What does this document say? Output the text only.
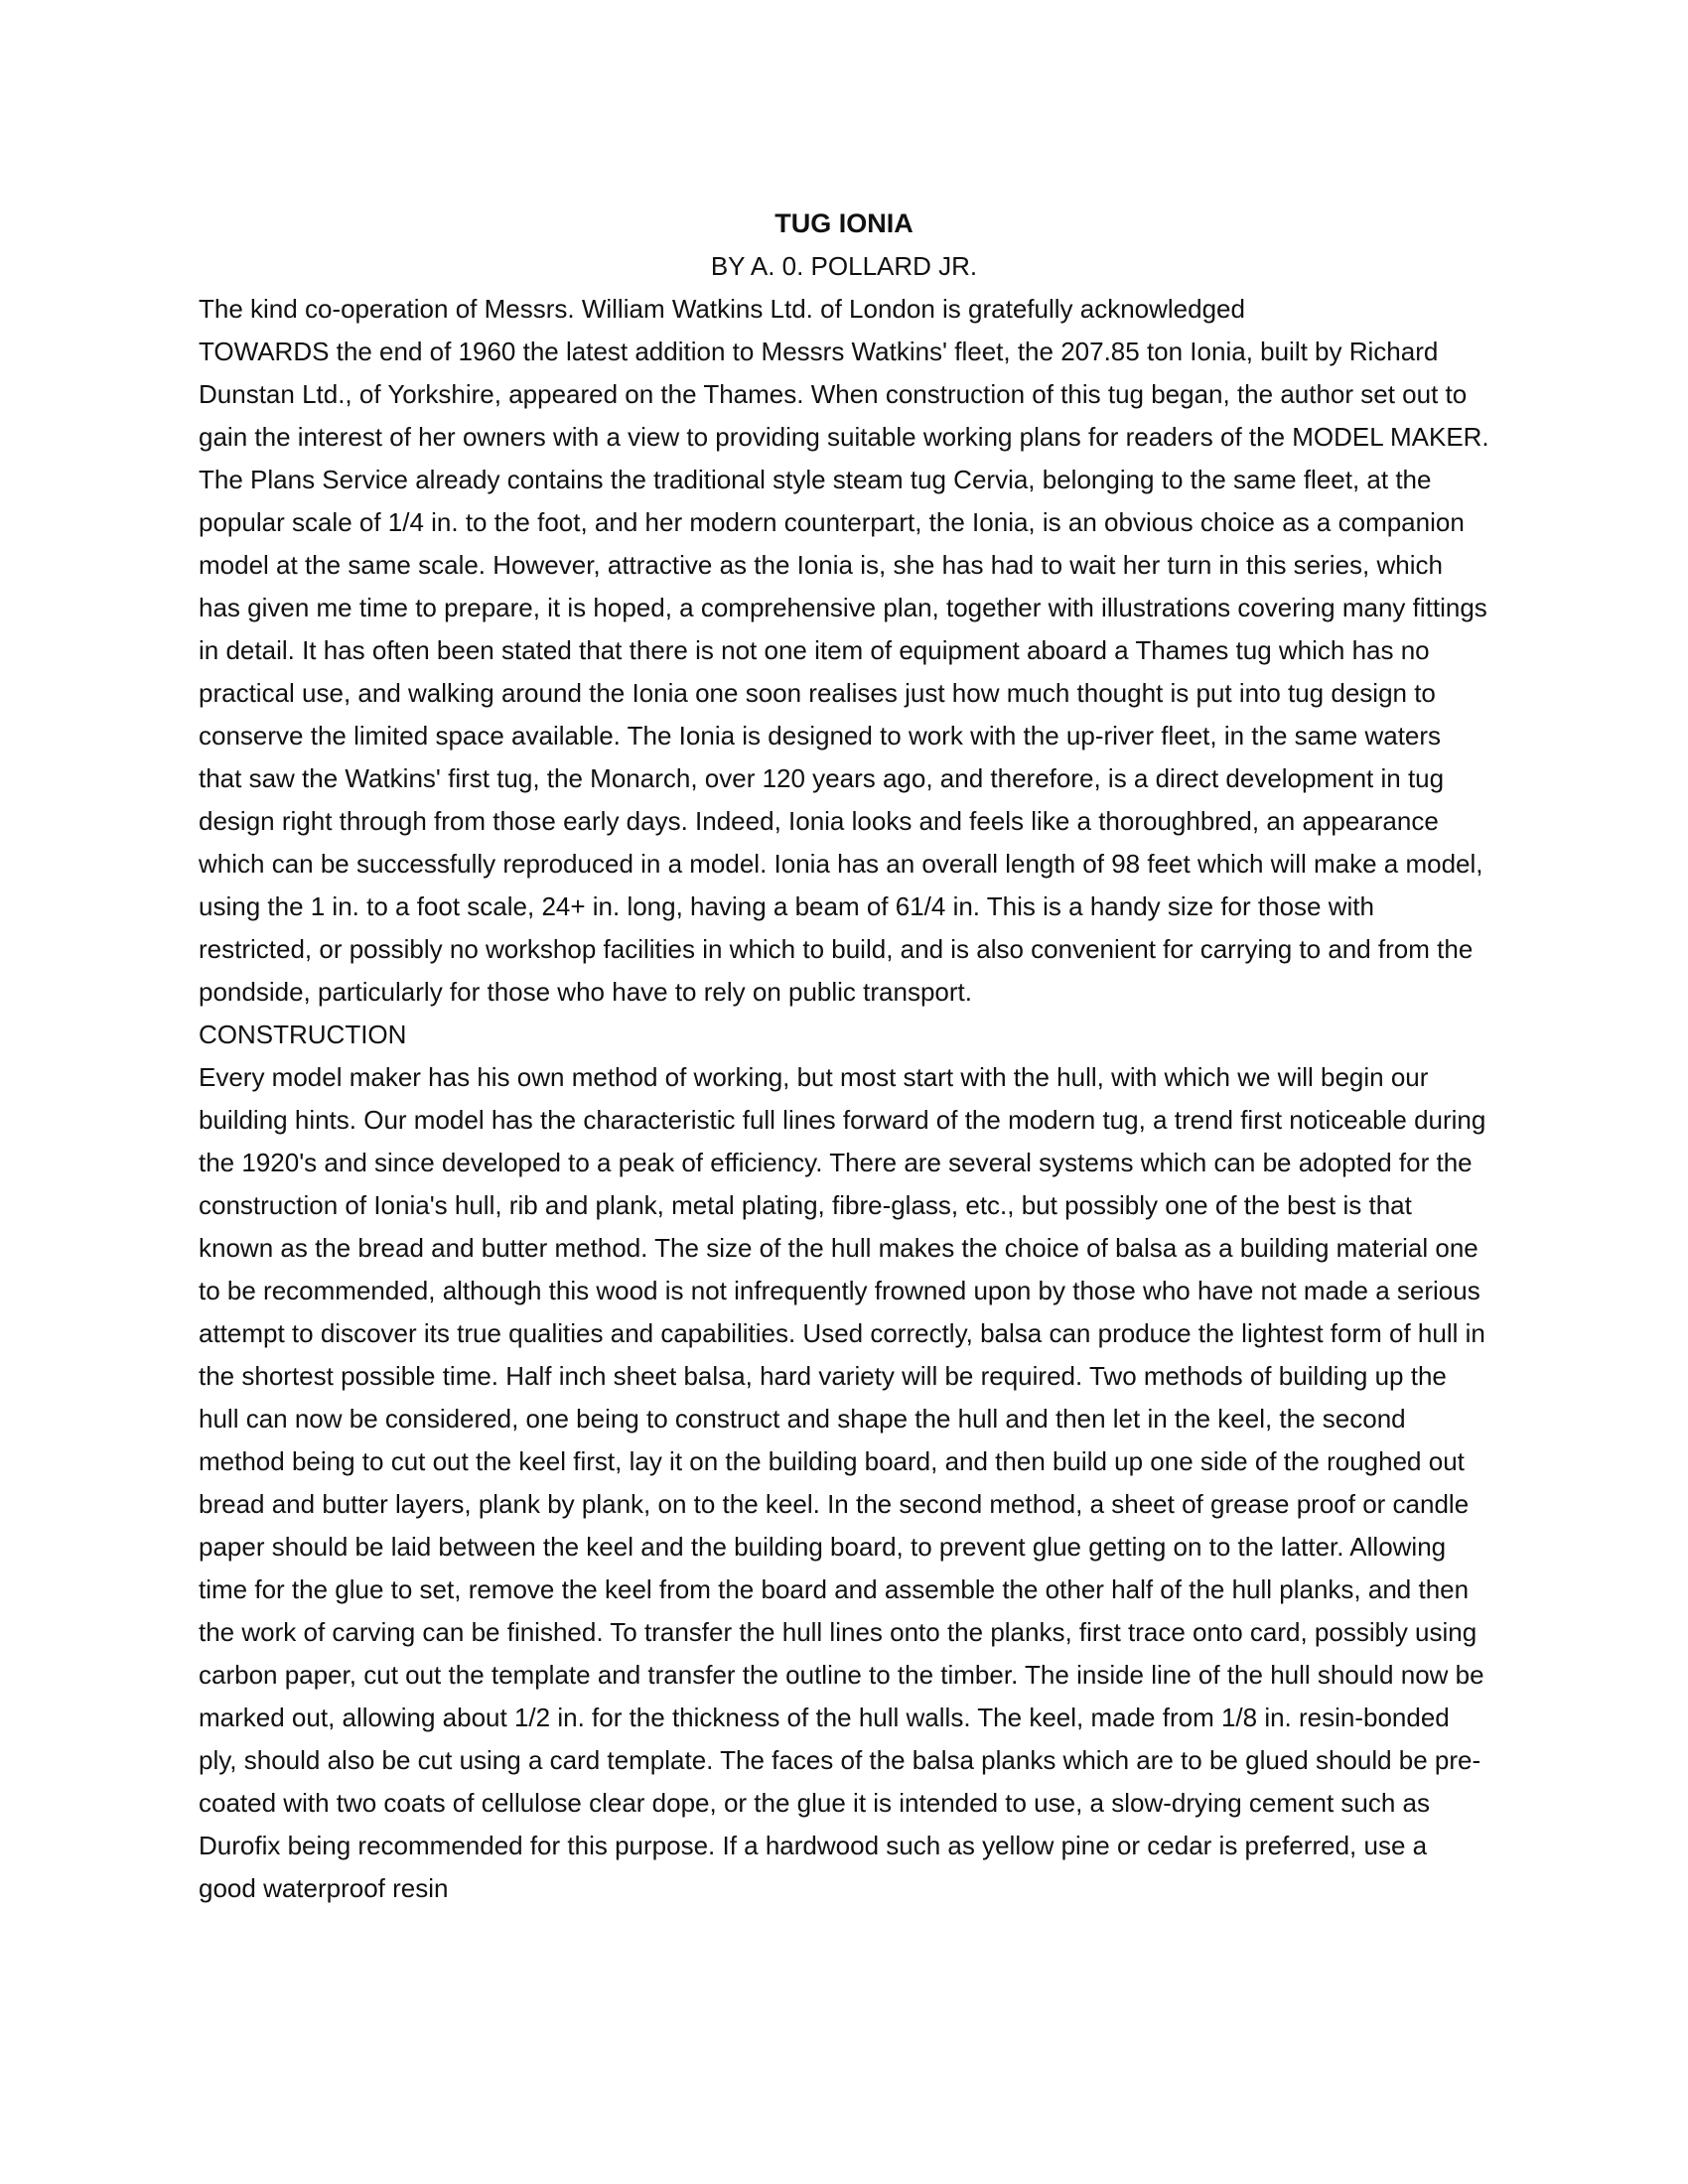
TUG IONIA

BY A. 0. POLLARD JR.

The kind co-operation of Messrs. William Watkins Ltd. of London is gratefully acknowledged

TOWARDS the end of 1960 the latest addition to Messrs Watkins' fleet, the 207.85 ton Ionia, built by Richard Dunstan Ltd., of Yorkshire, appeared on the Thames. When construction of this tug began, the author set out to gain the interest of her owners with a view to providing suitable working plans for readers of the MODEL MAKER. The Plans Service already contains the traditional style steam tug Cervia, belonging to the same fleet, at the popular scale of 1/4 in. to the foot, and her modern counterpart, the Ionia, is an obvious choice as a companion model at the same scale. However, attractive as the Ionia is, she has had to wait her turn in this series, which has given me time to prepare, it is hoped, a comprehensive plan, together with illustrations covering many fittings in detail. It has often been stated that there is not one item of equipment aboard a Thames tug which has no practical use, and walking around the Ionia one soon realises just how much thought is put into tug design to conserve the limited space available. The Ionia is designed to work with the up-river fleet, in the same waters that saw the Watkins' first tug, the Monarch, over 120 years ago, and therefore, is a direct development in tug design right through from those early days. Indeed, Ionia looks and feels like a thoroughbred, an appearance which can be successfully reproduced in a model. Ionia has an overall length of 98 feet which will make a model, using the 1 in. to a foot scale, 24+ in. long, having a beam of 61/4 in. This is a handy size for those with restricted, or possibly no workshop facilities in which to build, and is also convenient for carrying to and from the pondside, particularly for those who have to rely on public transport.

CONSTRUCTION

Every model maker has his own method of working, but most start with the hull, with which we will begin our building hints. Our model has the characteristic full lines forward of the modern tug, a trend first noticeable during the 1920's and since developed to a peak of efficiency. There are several systems which can be adopted for the construction of Ionia's hull, rib and plank, metal plating, fibre-glass, etc., but possibly one of the best is that known as the bread and butter method. The size of the hull makes the choice of balsa as a building material one to be recommended, although this wood is not infrequently frowned upon by those who have not made a serious attempt to discover its true qualities and capabilities. Used correctly, balsa can produce the lightest form of hull in the shortest possible time. Half inch sheet balsa, hard variety will be required. Two methods of building up the hull can now be considered, one being to construct and shape the hull and then let in the keel, the second method being to cut out the keel first, lay it on the building board, and then build up one side of the roughed out bread and butter layers, plank by plank, on to the keel. In the second method, a sheet of grease proof or candle paper should be laid between the keel and the building board, to prevent glue getting on to the latter. Allowing time for the glue to set, remove the keel from the board and assemble the other half of the hull planks, and then the work of carving can be finished. To transfer the hull lines onto the planks, first trace onto card, possibly using carbon paper, cut out the template and transfer the outline to the timber. The inside line of the hull should now be marked out, allowing about 1/2 in. for the thickness of the hull walls. The keel, made from 1/8 in. resin-bonded ply, should also be cut using a card template. The faces of the balsa planks which are to be glued should be pre-coated with two coats of cellulose clear dope, or the glue it is intended to use, a slow-drying cement such as Durofix being recommended for this purpose. If a hardwood such as yellow pine or cedar is preferred, use a good waterproof resin
